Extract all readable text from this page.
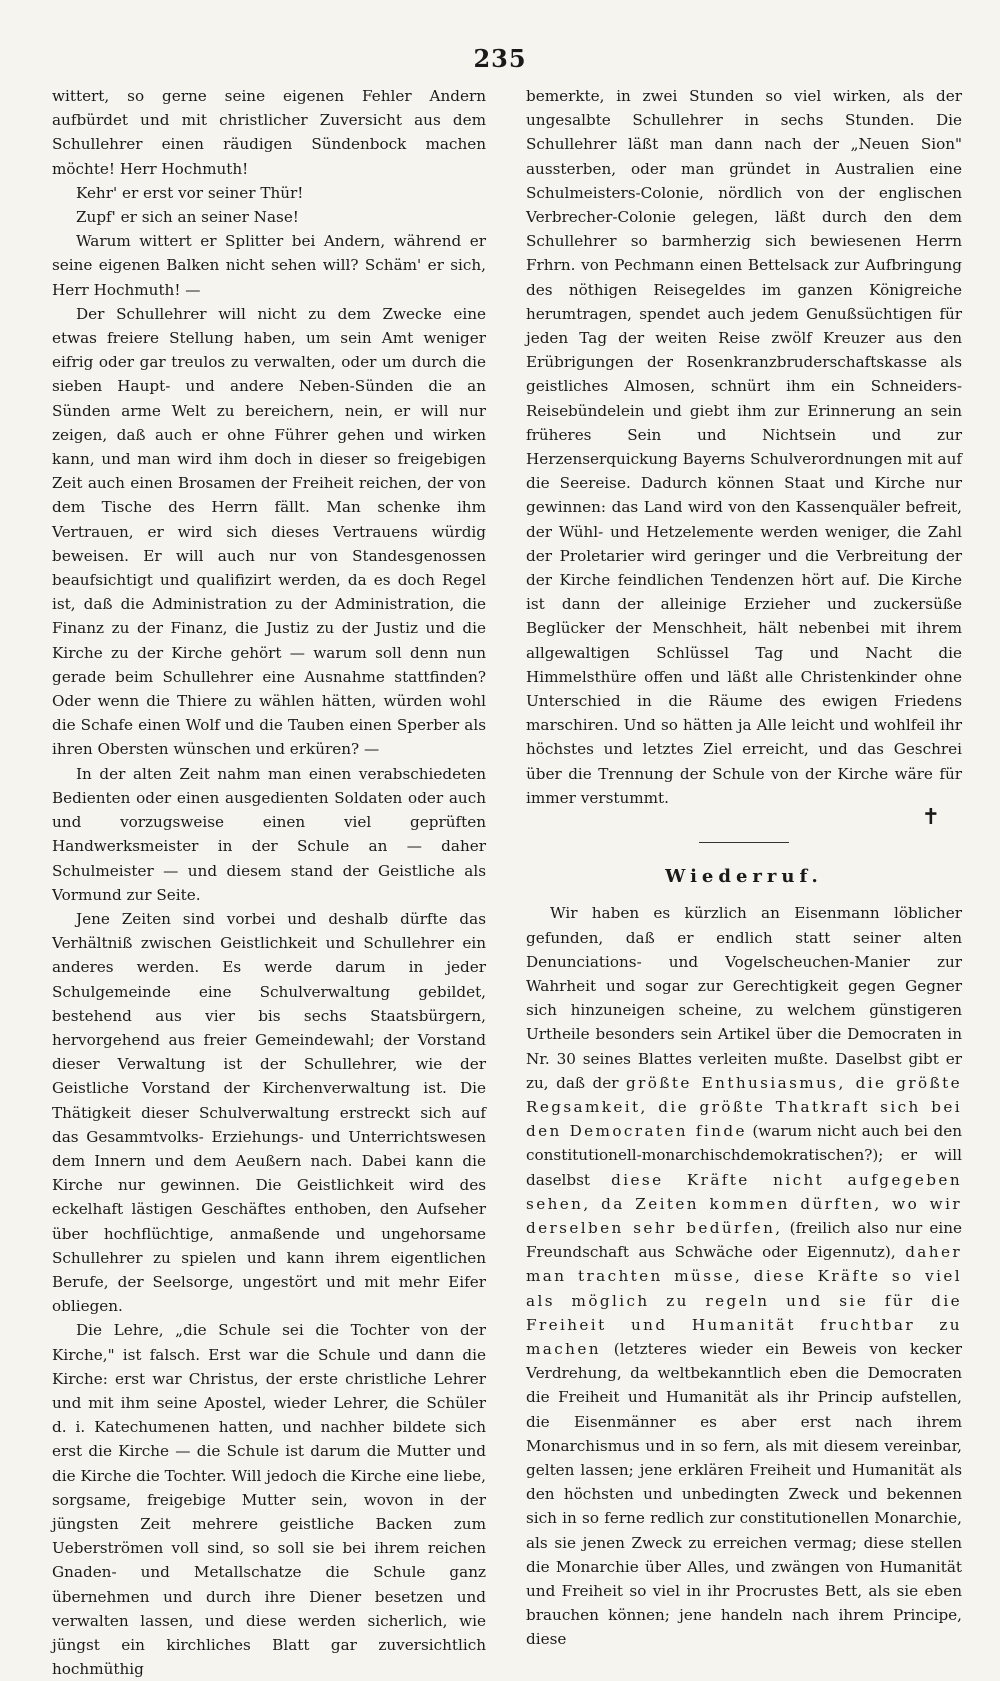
235

wittert, so gerne seine eigenen Fehler Andern aufbürdet und mit christlicher Zuversicht aus dem Schullehrer einen räudigen Sündenbock machen möchte! Herr Hochmuth!

Kehr' er erst vor seiner Thür!

Zupf' er sich an seiner Nase!

Warum wittert er Splitter bei Andern, während er seine eigenen Balken nicht sehen will? Schäm' er sich, Herr Hochmuth! —

Der Schullehrer will nicht zu dem Zwecke eine etwas freiere Stellung haben, um sein Amt weniger eifrig oder gar treulos zu verwalten, oder um durch die sieben Haupt- und andere Neben-Sünden die an Sünden arme Welt zu bereichern, nein, er will nur zeigen, daß auch er ohne Führer gehen und wirken kann, und man wird ihm doch in dieser so freigebigen Zeit auch einen Brosamen der Freiheit reichen, der von dem Tische des Herrn fällt. Man schenke ihm Vertrauen, er wird sich dieses Vertrauens würdig beweisen. Er will auch nur von Standesgenossen beaufsichtigt und qualifizirt werden, da es doch Regel ist, daß die Administration zu der Administration, die Finanz zu der Finanz, die Justiz zu der Justiz und die Kirche zu der Kirche gehört — warum soll denn nun gerade beim Schullehrer eine Ausnahme stattfinden? Oder wenn die Thiere zu wählen hätten, würden wohl die Schafe einen Wolf und die Tauben einen Sperber als ihren Obersten wünschen und erküren? —

In der alten Zeit nahm man einen verabschiedeten Bedienten oder einen ausgedienten Soldaten oder auch und vorzugsweise einen viel geprüften Handwerksmeister in der Schule an — daher Schulmeister — und diesem stand der Geistliche als Vormund zur Seite.

Jene Zeiten sind vorbei und deshalb dürfte das Verhältniß zwischen Geistlichkeit und Schullehrer ein anderes werden. Es werde darum in jeder Schulgemeinde eine Schulverwaltung gebildet, bestehend aus vier bis sechs Staatsbürgern, hervorgehend aus freier Gemeindewahl; der Vorstand dieser Verwaltung ist der Schullehrer, wie der Geistliche Vorstand der Kirchenverwaltung ist. Die Thätigkeit dieser Schulverwaltung erstreckt sich auf das Gesammtvolks- Erziehungs- und Unterrichtswesen dem Innern und dem Aeußern nach. Dabei kann die Kirche nur gewinnen. Die Geistlichkeit wird des eckelhaft lästigen Geschäftes enthoben, den Aufseher über hochflüchtige, anmaßende und ungehorsame Schullehrer zu spielen und kann ihrem eigentlichen Berufe, der Seelsorge, ungestört und mit mehr Eifer obliegen.

Die Lehre, „die Schule sei die Tochter von der Kirche," ist falsch. Erst war die Schule und dann die Kirche: erst war Christus, der erste christliche Lehrer und mit ihm seine Apostel, wieder Lehrer, die Schüler d. i. Katechumenen hatten, und nachher bildete sich erst die Kirche — die Schule ist darum die Mutter und die Kirche die Tochter. Will jedoch die Kirche eine liebe, sorgsame, freigebige Mutter sein, wovon in der jüngsten Zeit mehrere geistliche Backen zum Ueberströmen voll sind, so soll sie bei ihrem reichen Gnaden- und Metallschatze die Schule ganz übernehmen und durch ihre Diener besetzen und verwalten lassen, und diese werden sicherlich, wie jüngst ein kirchliches Blatt gar zuversichtlich hochmüthig

bemerkte, in zwei Stunden so viel wirken, als der ungesalbte Schullehrer in sechs Stunden. Die Schullehrer läßt man dann nach der „Neuen Sion" aussterben, oder man gründet in Australien eine Schulmeisters-Colonie, nördlich von der englischen Verbrecher-Colonie gelegen, läßt durch den dem Schullehrer so barmherzig sich bewiesenen Herrn Frhrn. von Pechmann einen Bettelsack zur Aufbringung des nöthigen Reisegeldes im ganzen Königreiche herumtragen, spendet auch jedem Genußsüchtigen für jeden Tag der weiten Reise zwölf Kreuzer aus den Erübrigungen der Rosenkranzbruderschaftskasse als geistliches Almosen, schnürt ihm ein Schneiders-Reisebündelein und giebt ihm zur Erinnerung an sein früheres Sein und Nichtsein und zur Herzenserquickung Bayerns Schulverordnungen mit auf die Seereise. Dadurch können Staat und Kirche nur gewinnen: das Land wird von den Kassenquäler befreit, der Wühl- und Hetzelemente werden weniger, die Zahl der Proletarier wird geringer und die Verbreitung der der Kirche feindlichen Tendenzen hört auf. Die Kirche ist dann der alleinige Erzieher und zuckersüße Beglücker der Menschheit, hält nebenbei mit ihrem allgewaltigen Schlüssel Tag und Nacht die Himmelsthüre offen und läßt alle Christenkinder ohne Unterschied in die Räume des ewigen Friedens marschiren. Und so hätten ja Alle leicht und wohlfeil ihr höchstes und letztes Ziel erreicht, und das Geschrei über die Trennung der Schule von der Kirche wäre für immer verstummt.

✝
Wiederruf.

Wir haben es kürzlich an Eisenmann löblicher gefunden, daß er endlich statt seiner alten Denunciations- und Vogelscheuchen-Manier zur Wahrheit und sogar zur Gerechtigkeit gegen Gegner sich hinzuneigen scheine, zu welchem günstigeren Urtheile besonders sein Artikel über die Democraten in Nr. 30 seines Blattes verleiten mußte. Daselbst gibt er zu, daß der größte Enthusiasmus, die größte Regsamkeit, die größte Thatkraft sich bei den Democraten finde (warum nicht auch bei den constitutionell-monarchischdemokratischen?); er will daselbst diese Kräfte nicht aufgegeben sehen, da Zeiten kommen dürften, wo wir derselben sehr bedürfen, (freilich also nur eine Freundschaft aus Schwäche oder Eigennutz), daher man trachten müsse, diese Kräfte so viel als möglich zu regeln und sie für die Freiheit und Humanität fruchtbar zu machen (letzteres wieder ein Beweis von kecker Verdrehung, da weltbekanntlich eben die Democraten die Freiheit und Humanität als ihr Princip aufstellen, die Eisenmänner es aber erst nach ihrem Monarchismus und in so fern, als mit diesem vereinbar, gelten lassen; jene erklären Freiheit und Humanität als den höchsten und unbedingten Zweck und bekennen sich in so ferne redlich zur constitutionellen Monarchie, als sie jenen Zweck zu erreichen vermag; diese stellen die Monarchie über Alles, und zwängen von Humanität und Freiheit so viel in ihr Procrustes Bett, als sie eben brauchen können; jene handeln nach ihrem Principe, diese
